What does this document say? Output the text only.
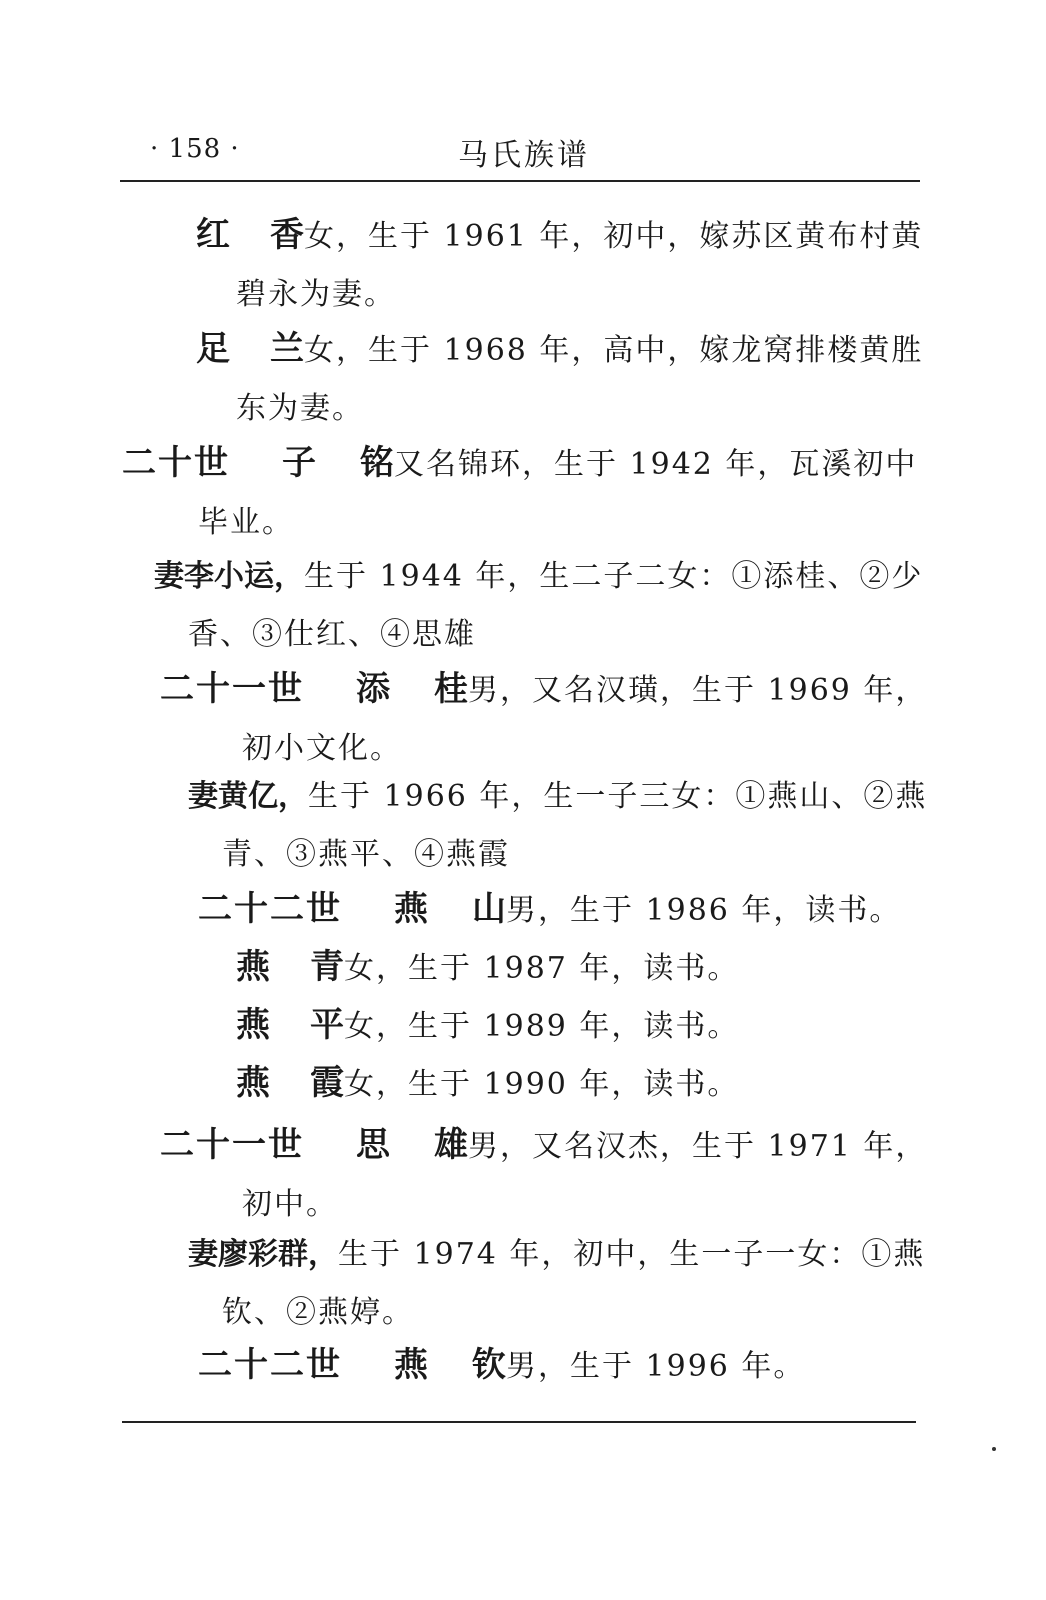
· 158 ·	马氏族谱
红 香女，生于 1961 年，初中，嫁苏区黄布村黄
碧永为妻。
足 兰女，生于 1968 年，高中，嫁龙窝排楼黄胜
东为妻。
二十世 子 铭又名锦环，生于 1942 年，瓦溪初中
毕业。
妻李小运，生于 1944 年，生二子二女：①添桂、②少
香、③仕红、④思雄
二十一世 添 桂男，又名汉璜，生于 1969 年，
初小文化。
妻黄亿，生于 1966 年，生一子三女：①燕山、②燕
青、③燕平、④燕霞
二十二世 燕 山男，生于 1986 年，读书。
燕 青女，生于 1987 年，读书。
燕 平女，生于 1989 年，读书。
燕 霞女，生于 1990 年，读书。
二十一世 思 雄男，又名汉杰，生于 1971 年，
初中。
妻廖彩群，生于 1974 年，初中，生一子一女：①燕
钦、②燕婷。
二十二世 燕 钦男，生于 1996 年。
